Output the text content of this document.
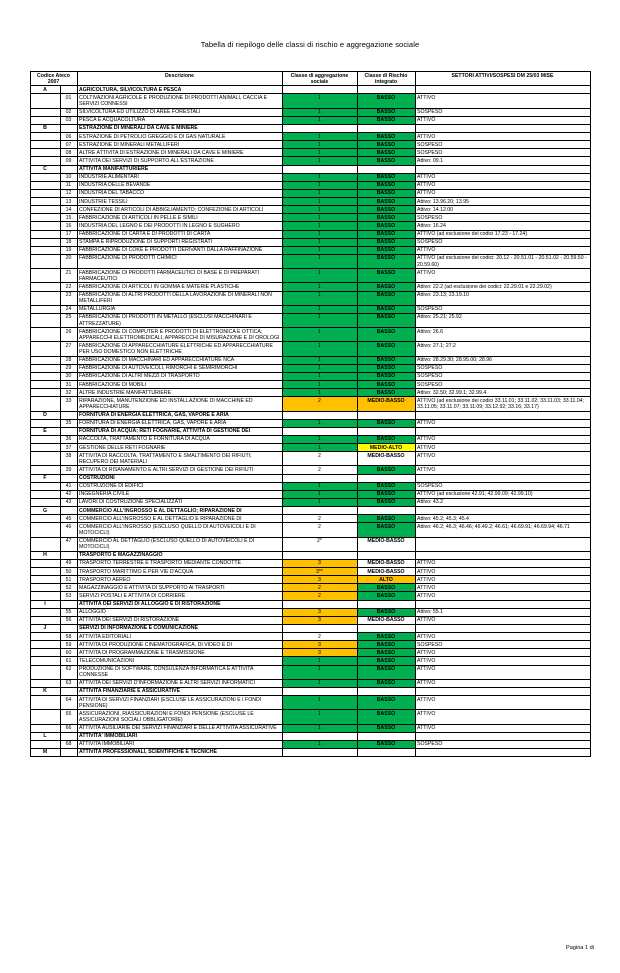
Tabella di riepilogo delle classi di rischio e aggregazione sociale
Codice Ateco 2007		Descrizione	Classe di aggregazione sociale	Classe di Rischio integrato	SETTORI ATTIVI/SOSPESI DM 25/03 MISE
A		AGRICOLTURA, SILVICOLTURA E PESCA			
	01	COLTIVAZIONI AGRICOLE E PRODUZIONE DI PRODOTTI ANIMALI, CACCIA E SERVIZI CONNESSI	1	BASSO	ATTIVO
	02	SILVICOLTURA ED UTILIZZO DI AREE FORESTALI	1	BASSO	SOSPESO
	03	PESCA E ACQUACOLTURA	1	BASSO	ATTIVO
B		ESTRAZIONE DI MINERALI DA CAVE E MINIERE			
	06	ESTRAZIONE DI PETROLIO GREGGIO E DI GAS NATURALE	1	BASSO	ATTIVO
	07	ESTRAZIONE DI MINERALI METALLIFERI	1	BASSO	SOSPESO
	08	ALTRE ATTIVITA DI ESTRAZIONE DI MINERALI DA CAVE E MINIERE	1	BASSO	SOSPESO
	09	ATTIVITA DEI SERVIZI DI SUPPORTO ALL'ESTRAZIONE	1	BASSO	Attivo: 09.1
C		ATTIVITA MANIFATTURIERE			
	10	INDUSTRIE ALIMENTARI	1	BASSO	ATTIVO
	11	INDUSTRIA DELLE BEVANDE	1	BASSO	ATTIVO
	12	INDUSTRIA DEL TABACCO	1	BASSO	ATTIVO
	13	INDUSTRIE TESSILI	1	BASSO	Attivo: 13.96.20; 13.95
	14	CONFEZIONE DI ARTICOLI DI ABBIGLIAMENTO; CONFEZIONE DI ARTICOLI	1	BASSO	Attivo: 14.12.00
	15	FABBRICAZIONE DI ARTICOLI IN PELLE E SIMILI	1	BASSO	SOSPESO
	16	INDUSTRIA DEL LEGNO E DEI PRODOTTI IN LEGNO E SUGHERO	1	BASSO	Attivo: 16.24
	17	FABBRICAZIONE DI CARTA E DI PRODOTTI DI CARTA	1	BASSO	ATTIVO (ad esclusione dei codici 17.23 - 17.24)
	18	STAMPA E RIPRODUZIONE DI SUPPORTI REGISTRATI	1	BASSO	SOSPESO
	19	FABBRICAZIONE DI COKE E PRODOTTI DERIVANTI DALLA RAFFINAZIONE	1	BASSO	ATTIVO
	20	FABBRICAZIONE DI PRODOTTI CHIMICI	1	BASSO	ATTIVO (ad esclusione dei codici: 20.12 - 20.51.01 - 20.51.02 - 20.59.50 - 20.59.60)
	21	FABBRICAZIONE DI PRODOTTI FARMACEUTICI DI BASE E DI PREPARATI FARMACEUTICI	1	BASSO	ATTIVO
	22	FABBRICAZIONE DI ARTICOLI IN GOMMA E MATERIE PLASTICHE	1	BASSO	Attivo: 22.2 (ad esclusione dei codici: 22.29.01 e 22.29.02)
	23	FABBRICAZIONE DI ALTRI PRODOTTI DELLA LAVORAZIONE DI MINERALI NON METALLIFERI	1	BASSO	Attivo: 23.13; 23.19.10
	24	METALLURGIA	1	BASSO	SOSPESO
	25	FABBRICAZIONE DI PRODOTTI IN METALLO (ESCLUSI MACCHINARI E ATTREZZATURE)	1	BASSO	Attivo: 25.21; 25.92
	26	FABBRICAZIONE DI COMPUTER E PRODOTTI DI ELETTRONICA E OTTICA; APPARECCHI ELETTROMEDICALI, APPARECCHI DI MISURAZIONE E DI OROLOGI	1	BASSO	Attivo: 26.6
	27	FABBRICAZIONE DI APPARECCHIATURE ELETTRICHE ED APPARECCHIATURE PER USO DOMESTICO NON ELETTRICHE	1	BASSO	Attivo: 27.1; 27.2
	28	FABBRICAZIONE DI MACCHINARI ED APPARECCHIATURE NCA	1	BASSO	Attivo: 28.29.30; 28.95.00; 28.96
	29	FABBRICAZIONE DI AUTOVEICOLI, RIMORCHI E SEMIRIMORCHI	1	BASSO	SOSPESO
	30	FABBRICAZIONE DI ALTRI MEZZI DI TRASPORTO	1	BASSO	SOSPESO
	31	FABBRICAZIONE DI MOBILI	1	BASSO	SOSPESO
	32	ALTRE INDUSTRIE MANIFATTURIERE	1	BASSO	Attivo: 32.50; 32.99.1; 32.99.4
	33	RIPARAZIONE, MANUTENZIONE ED INSTALLAZIONE DI MACCHINE ED APPARECCHIATURE	2	MEDIO-BASSO	ATTIVO (ad esclusione dei codici 33.11.01; 33.11.02; 33.11.03; 33.11.04; 33.11.05; 33.11.07; 33.11.09; 33.12.92; 33.16; 33.17)
D		FORNITURA DI ENERGIA ELETTRICA, GAS, VAPORE E ARIA			
	35	FORNITURA DI ENERGIA ELETTRICA, GAS, VAPORE E ARIA	1	BASSO	ATTIVO
E		FORNITURA DI ACQUA; RETI FOGNARIE, ATTIVITA DI GESTIONE DEI			
	36	RACCOLTA, TRATTAMENTO E FORNITURA DI ACQUA	1	BASSO	ATTIVO
	37	GESTIONE DELLE RETI FOGNARIE	1	MEDIO-ALTO	ATTIVO
	38	ATTIVITA DI RACCOLTA, TRATTAMENTO E SMALTIMENTO DEI RIFIUTI; RECUPERO DEI MATERIALI	2	MEDIO-BASSO	ATTIVO
	39	ATTIVITA DI RISANAMENTO E ALTRI SERVIZI DI GESTIONE DEI RIFIUTI	2	BASSO	ATTIVO
F		COSTRUZIONI			
	41	COSTRUZIONE DI EDIFICI	1	BASSO	SOSPESO
	42	INGEGNERIA CIVILE	1	BASSO	ATTIVO (ad esclusione 42.91; 42.99.09; 42.99.10)
	43	LAVORI DI COSTRUZIONE SPECIALIZZATI	1	BASSO	Attivo: 43.2
G		COMMERCIO ALL'INGROSSO E AL DETTAGLIO; RIPARAZIONE DI			
	45	COMMERCIO ALL'INGROSSO E AL DETTAGLIO E RIPARAZIONE DI	2	BASSO	Attivo: 45.2; 45.3; 45.4
	46	COMMERCIO ALL'INGROSSO (ESCLUSO QUELLO DI AUTOVEICOLI E DI MOTOCICLI)	2	BASSO	Attivo: 46.2; 46.3; 46.46; 46.49.2; 46.61; 46.69.91; 46.69.94; 46.71
	47	COMMERCIO AL DETTAGLIO (ESCLUSO QUELLO DI AUTOVEICOLI E DI MOTOCICLI)	2*	MEDIO-BASSO	
H		TRASPORTO E MAGAZZINAGGIO			
	49	TRASPORTO TERRESTRE E TRASPORTO MEDIANTE CONDOTTE	3	MEDIO-BASSO	ATTIVO
	50	TRASPORTO MARITTIMO E PER VIE D'ACQUA	3**	MEDIO-BASSO	ATTIVO
	51	TRASPORTO AEREO	3	ALTO	ATTIVO
	52	MAGAZZINAGGIO E ATTIVITA DI SUPPORTO AI TRASPORTI	2	BASSO	ATTIVO
	53	SERVIZI POSTALI E ATTIVITA DI CORRIERE	2	BASSO	ATTIVO
I		ATTIVITA DEI SERVIZI DI ALLOGGIO E DI RISTORAZIONE			
	55	ALLOGGIO	3	BASSO	Attivo: 55.1
	56	ATTIVITA DEI SERVIZI DI RISTORAZIONE	3	MEDIO-BASSO	ATTIVO
J		SERVIZI DI INFORMAZIONE E COMUNICAZIONE			
	58	ATTIVITA EDITORIALI	2	BASSO	ATTIVO
	59	ATTIVITA DI PRODUZIONE CINEMATOGRAFICA, DI VIDEO E DI	3	BASSO	SOSPESO
	60	ATTIVITA DI PROGRAMMAZIONE E TRASMISSIONE	3	BASSO	ATTIVO
	61	TELECOMUNICAZIONI	1	BASSO	ATTIVO
	62	PRODUZIONE DI SOFTWARE, CONSULENZA INFORMATICA E ATTIVITA CONNESSE	1	BASSO	ATTIVO
	63	ATTIVITA DEI SERVIZI D'INFORMAZIONE E ALTRI SERVIZI INFORMATICI	1	BASSO	ATTIVO
K		ATTIVITA FINANZIARIE E ASSICURATIVE			
	64	ATTIVITA DI SERVIZI FINANZIARI (ESCLUSE LE ASSICURAZIONI E I FONDI PENSIONE)	1	BASSO	ATTIVO
	65	ASSICURAZIONI, RIASSICURAZIONI E FONDI PENSIONE (ESCLUSE LE ASSICURAZIONI SOCIALI OBBLIGATORIE)	1	BASSO	ATTIVO
	66	ATTIVITA AUSILIARIE DEI SERVIZI FINANZIARI E DELLE ATTIVITA ASSICURATIVE	1	BASSO	ATTIVO
L		ATTIVITA' IMMOBILIARI			
	68	ATTIVITA IMMOBILIARI	1	BASSO	SOSPESO
M		ATTIVITA PROFESSIONALI, SCIENTIFICHE E TECNICHE			
Pagina 1 di
